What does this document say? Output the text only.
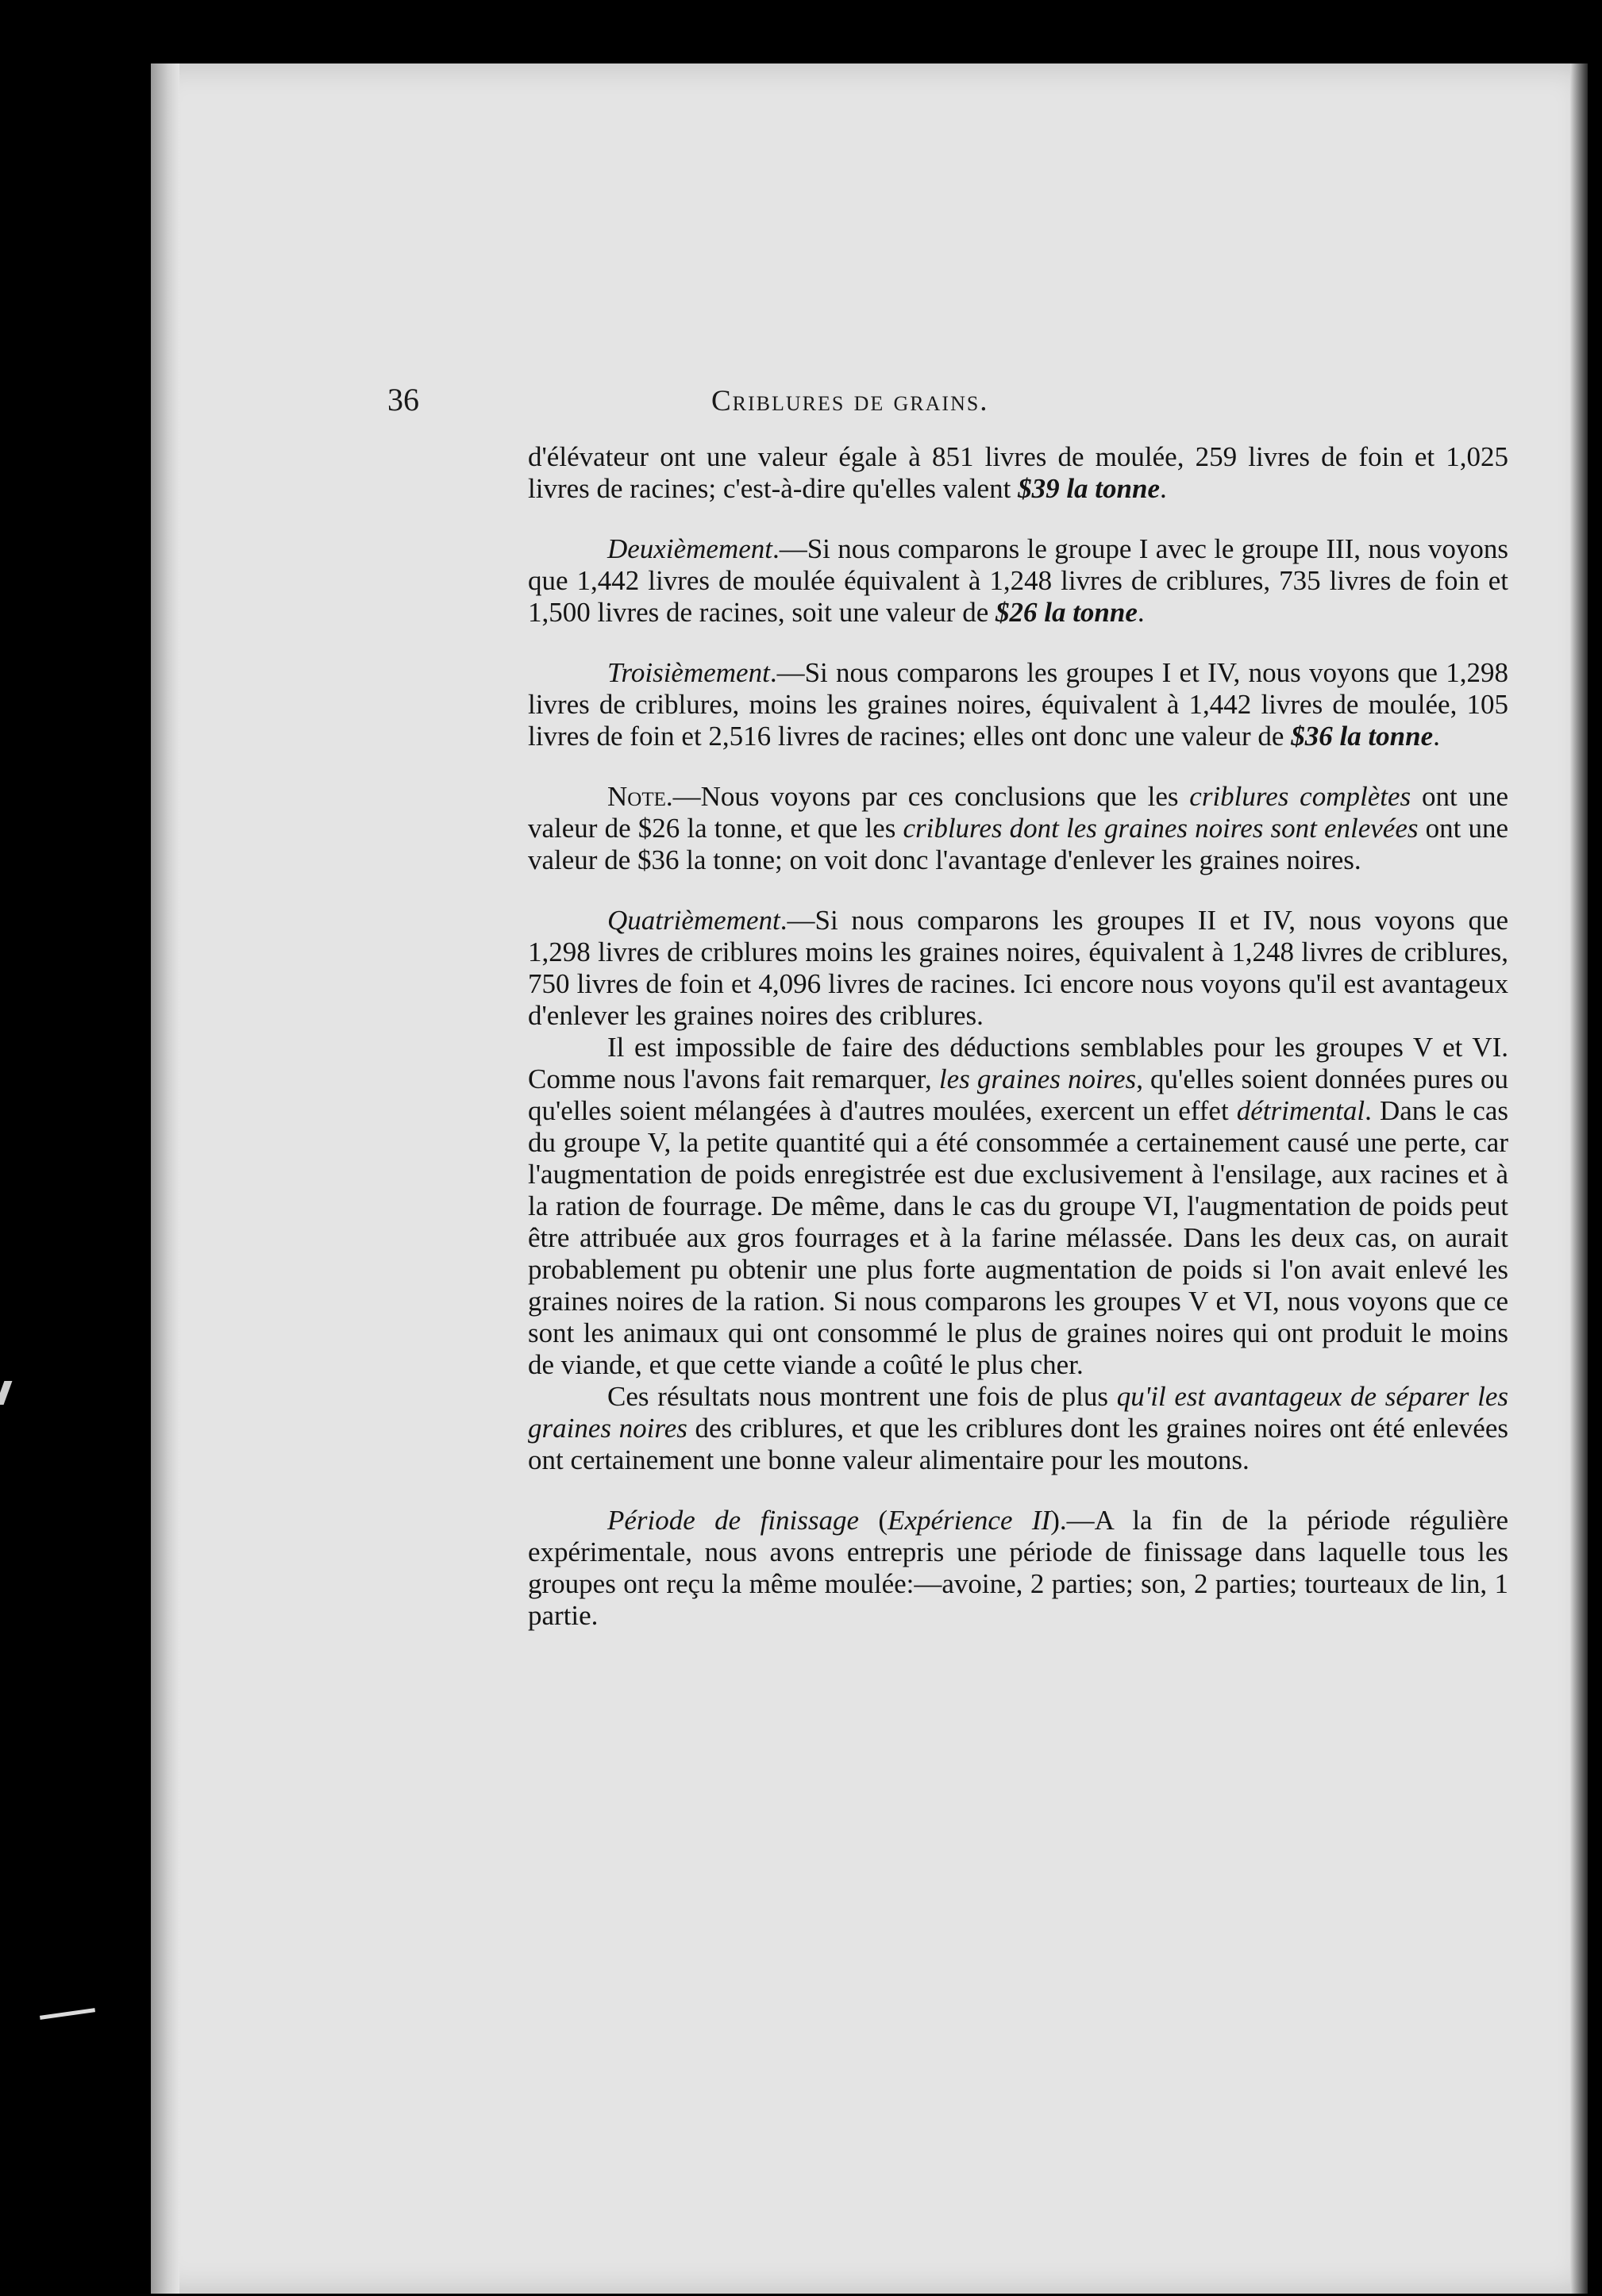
36	Criblures de grains.

d'élévateur ont une valeur égale à 851 livres de moulée, 259 livres de foin et 1,025 livres de racines; c'est-à-dire qu'elles valent $39 la tonne.

Deuxièmement.—Si nous comparons le groupe I avec le groupe III, nous voyons que 1,442 livres de moulée équivalent à 1,248 livres de criblures, 735 livres de foin et 1,500 livres de racines, soit une valeur de $26 la tonne.

Troisièmement.—Si nous comparons les groupes I et IV, nous voyons que 1,298 livres de criblures, moins les graines noires, équivalent à 1,442 livres de moulée, 105 livres de foin et 2,516 livres de racines; elles ont donc une valeur de $36 la tonne.

Note.—Nous voyons par ces conclusions que les criblures complètes ont une valeur de $26 la tonne, et que les criblures dont les graines noires sont enlevées ont une valeur de $36 la tonne; on voit donc l'avantage d'enlever les graines noires.

Quatrièmement.—Si nous comparons les groupes II et IV, nous voyons que 1,298 livres de criblures moins les graines noires, équivalent à 1,248 livres de criblures, 750 livres de foin et 4,096 livres de racines. Ici encore nous voyons qu'il est avantageux d'enlever les graines noires des criblures.

Il est impossible de faire des déductions semblables pour les groupes V et VI. Comme nous l'avons fait remarquer, les graines noires, qu'elles soient données pures ou qu'elles soient mélangées à d'autres moulées, exercent un effet détrimental. Dans le cas du groupe V, la petite quantité qui a été consommée a certainement causé une perte, car l'augmentation de poids enregistrée est due exclusivement à l'ensilage, aux racines et à la ration de fourrage. De même, dans le cas du groupe VI, l'augmentation de poids peut être attribuée aux gros fourrages et à la farine mélassée. Dans les deux cas, on aurait probablement pu obtenir une plus forte augmentation de poids si l'on avait enlevé les graines noires de la ration. Si nous comparons les groupes V et VI, nous voyons que ce sont les animaux qui ont consommé le plus de graines noires qui ont produit le moins de viande, et que cette viande a coûté le plus cher.

Ces résultats nous montrent une fois de plus qu'il est avantageux de séparer les graines noires des criblures, et que les criblures dont les graines noires ont été enlevées ont certainement une bonne valeur alimentaire pour les moutons.

Période de finissage (Expérience II).—A la fin de la période régulière expérimentale, nous avons entrepris une période de finissage dans laquelle tous les groupes ont reçu la même moulée:—avoine, 2 parties; son, 2 parties; tourteaux de lin, 1 partie.
